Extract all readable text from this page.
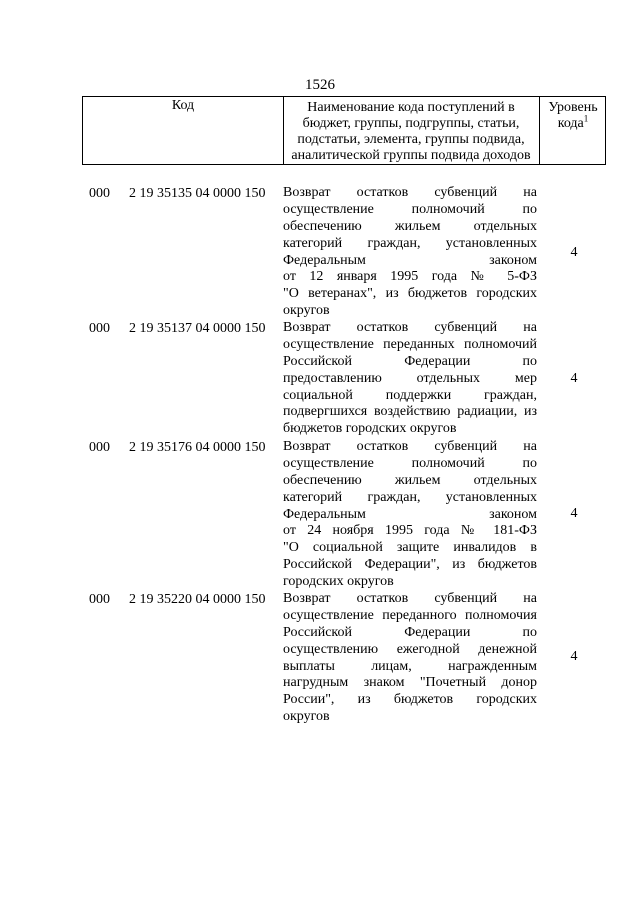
1526
Код	Наименование кода поступлений в
бюджет, группы, подгруппы, статьи,
подстатьи, элемента, группы подвида,
аналитической группы подвида доходов
Уровень
кода$^1$
000 2 19 35135 04 0000 150 Возврат остатков субвенций на
осуществление полномочий по
обеспечению жильем отдельных
категорий граждан, установленных
Федеральным законом
от 12 января 1995 года № 5-ФЗ
"О ветеранах", из бюджетов городских
округов
4
000 2 19 35137 04 0000 150 Возврат остатков субвенций на
осуществление переданных полномочий
Российской Федерации по
предоставлению отдельных мер
социальной поддержки граждан,
подвергшихся воздействию радиации, из
бюджетов городских округов
4
000 2 19 35176 04 0000 150 Возврат остатков субвенций на
осуществление полномочий по
обеспечению жильем отдельных
категорий граждан, установленных
Федеральным законом
от 24 ноября 1995 года № 181-ФЗ
"О социальной защите инвалидов в
Российской Федерации", из бюджетов
городских округов
4
000 2 19 35220 04 0000 150 Возврат остатков субвенций на
осуществление переданного полномочия
Российской Федерации по
осуществлению ежегодной денежной
выплаты лицам, награжденным
нагрудным знаком "Почетный донор
России", из бюджетов городских
округов
4
